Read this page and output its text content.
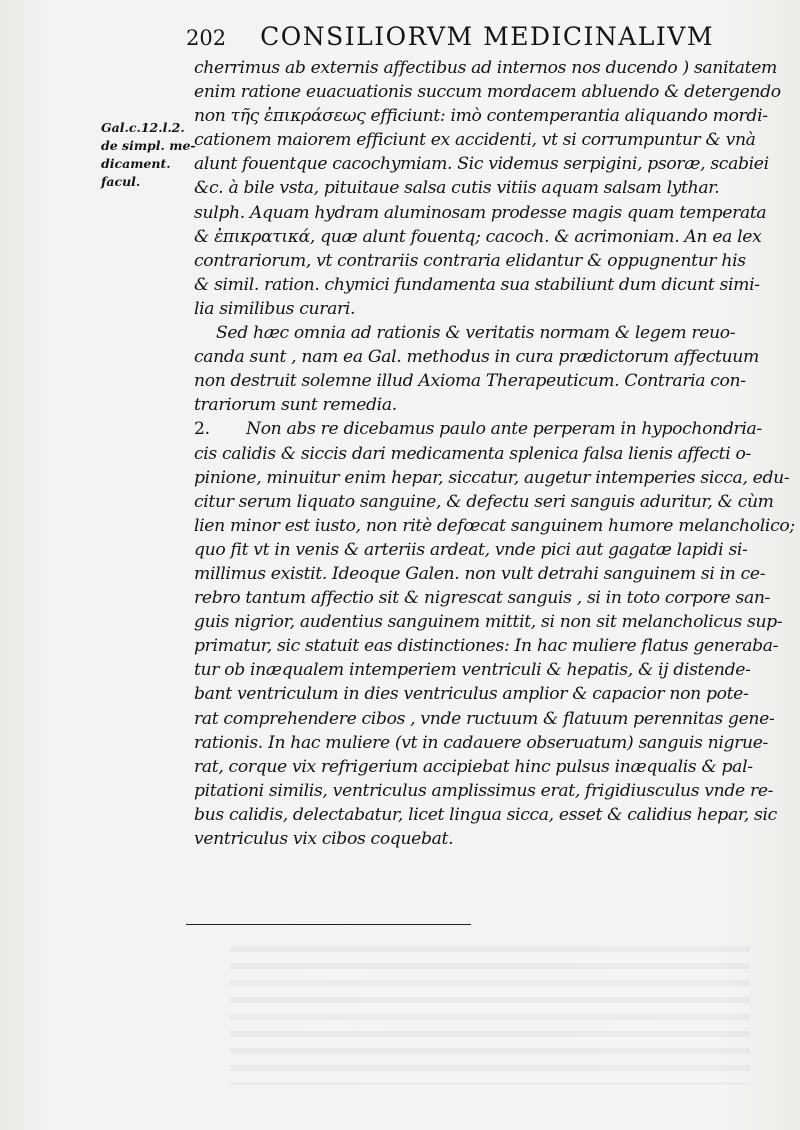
202 CONSILIORVM MEDICINALIVM
Gal.c.12.l.2.
de simpl. me-
dicament.
facul.
cherrimus ab externis affectibus ad internos nos ducendo ) sanitatem
enim ratione euacuationis succum mordacem abluendo & detergendo
non τῆς ἐπικράσεως efficiunt: imò contemperantia aliquando mordi-
cationem maiorem efficiunt ex accidenti, vt si corrumpuntur & vnà
alunt fouentque cacochymiam. Sic videmus serpigini, psoræ, scabiei
&c. à bile vsta, pituitaue salsa cutis vitiis aquam salsam lythar.
sulph. Aquam hydram aluminosam prodesse magis quam temperata
& ἐπικρατικά, quæ alunt fouentq; cacoch. & acrimoniam. An ea lex
contrariorum, vt contrariis contraria elidantur & oppugnentur his
& simil. ration. chymici fundamenta sua stabiliunt dum dicunt simi-
lia similibus curari.
Sed hæc omnia ad rationis & veritatis normam & legem reuo-
canda sunt , nam ea Gal. methodus in cura prædictorum affectuum
non destruit solemne illud Axioma Therapeuticum. Contraria con-
trariorum sunt remedia.
2. Non abs re dicebamus paulo ante perperam in hypochondria-
cis calidis & siccis dari medicamenta splenica falsa lienis affecti o-
pinione, minuitur enim hepar, siccatur, augetur intemperies sicca, edu-
citur serum liquato sanguine, & defectu seri sanguis aduritur, & cùm
lien minor est iusto, non ritè defœcat sanguinem humore melancholico;
quo fit vt in venis & arteriis ardeat, vnde pici aut gagatæ lapidi si-
millimus existit. Ideoque Galen. non vult detrahi sanguinem si in ce-
rebro tantum affectio sit & nigrescat sanguis , si in toto corpore san-
guis nigrior, audentius sanguinem mittit, si non sit melancholicus sup-
primatur, sic statuit eas distinctiones: In hac muliere flatus generaba-
tur ob inæqualem intemperiem ventriculi & hepatis, & ij distende-
bant ventriculum in dies ventriculus amplior & capacior non pote-
rat comprehendere cibos , vnde ructuum & flatuum perennitas gene-
rationis. In hac muliere (vt in cadauere obseruatum) sanguis nigrue-
rat, corque vix refrigerium accipiebat hinc pulsus inæqualis & pal-
pitationi similis, ventriculus amplissimus erat, frigidiusculus vnde re-
bus calidis, delectabatur, licet lingua sicca, esset & calidius hepar, sic
ventriculus vix cibos coquebat.
